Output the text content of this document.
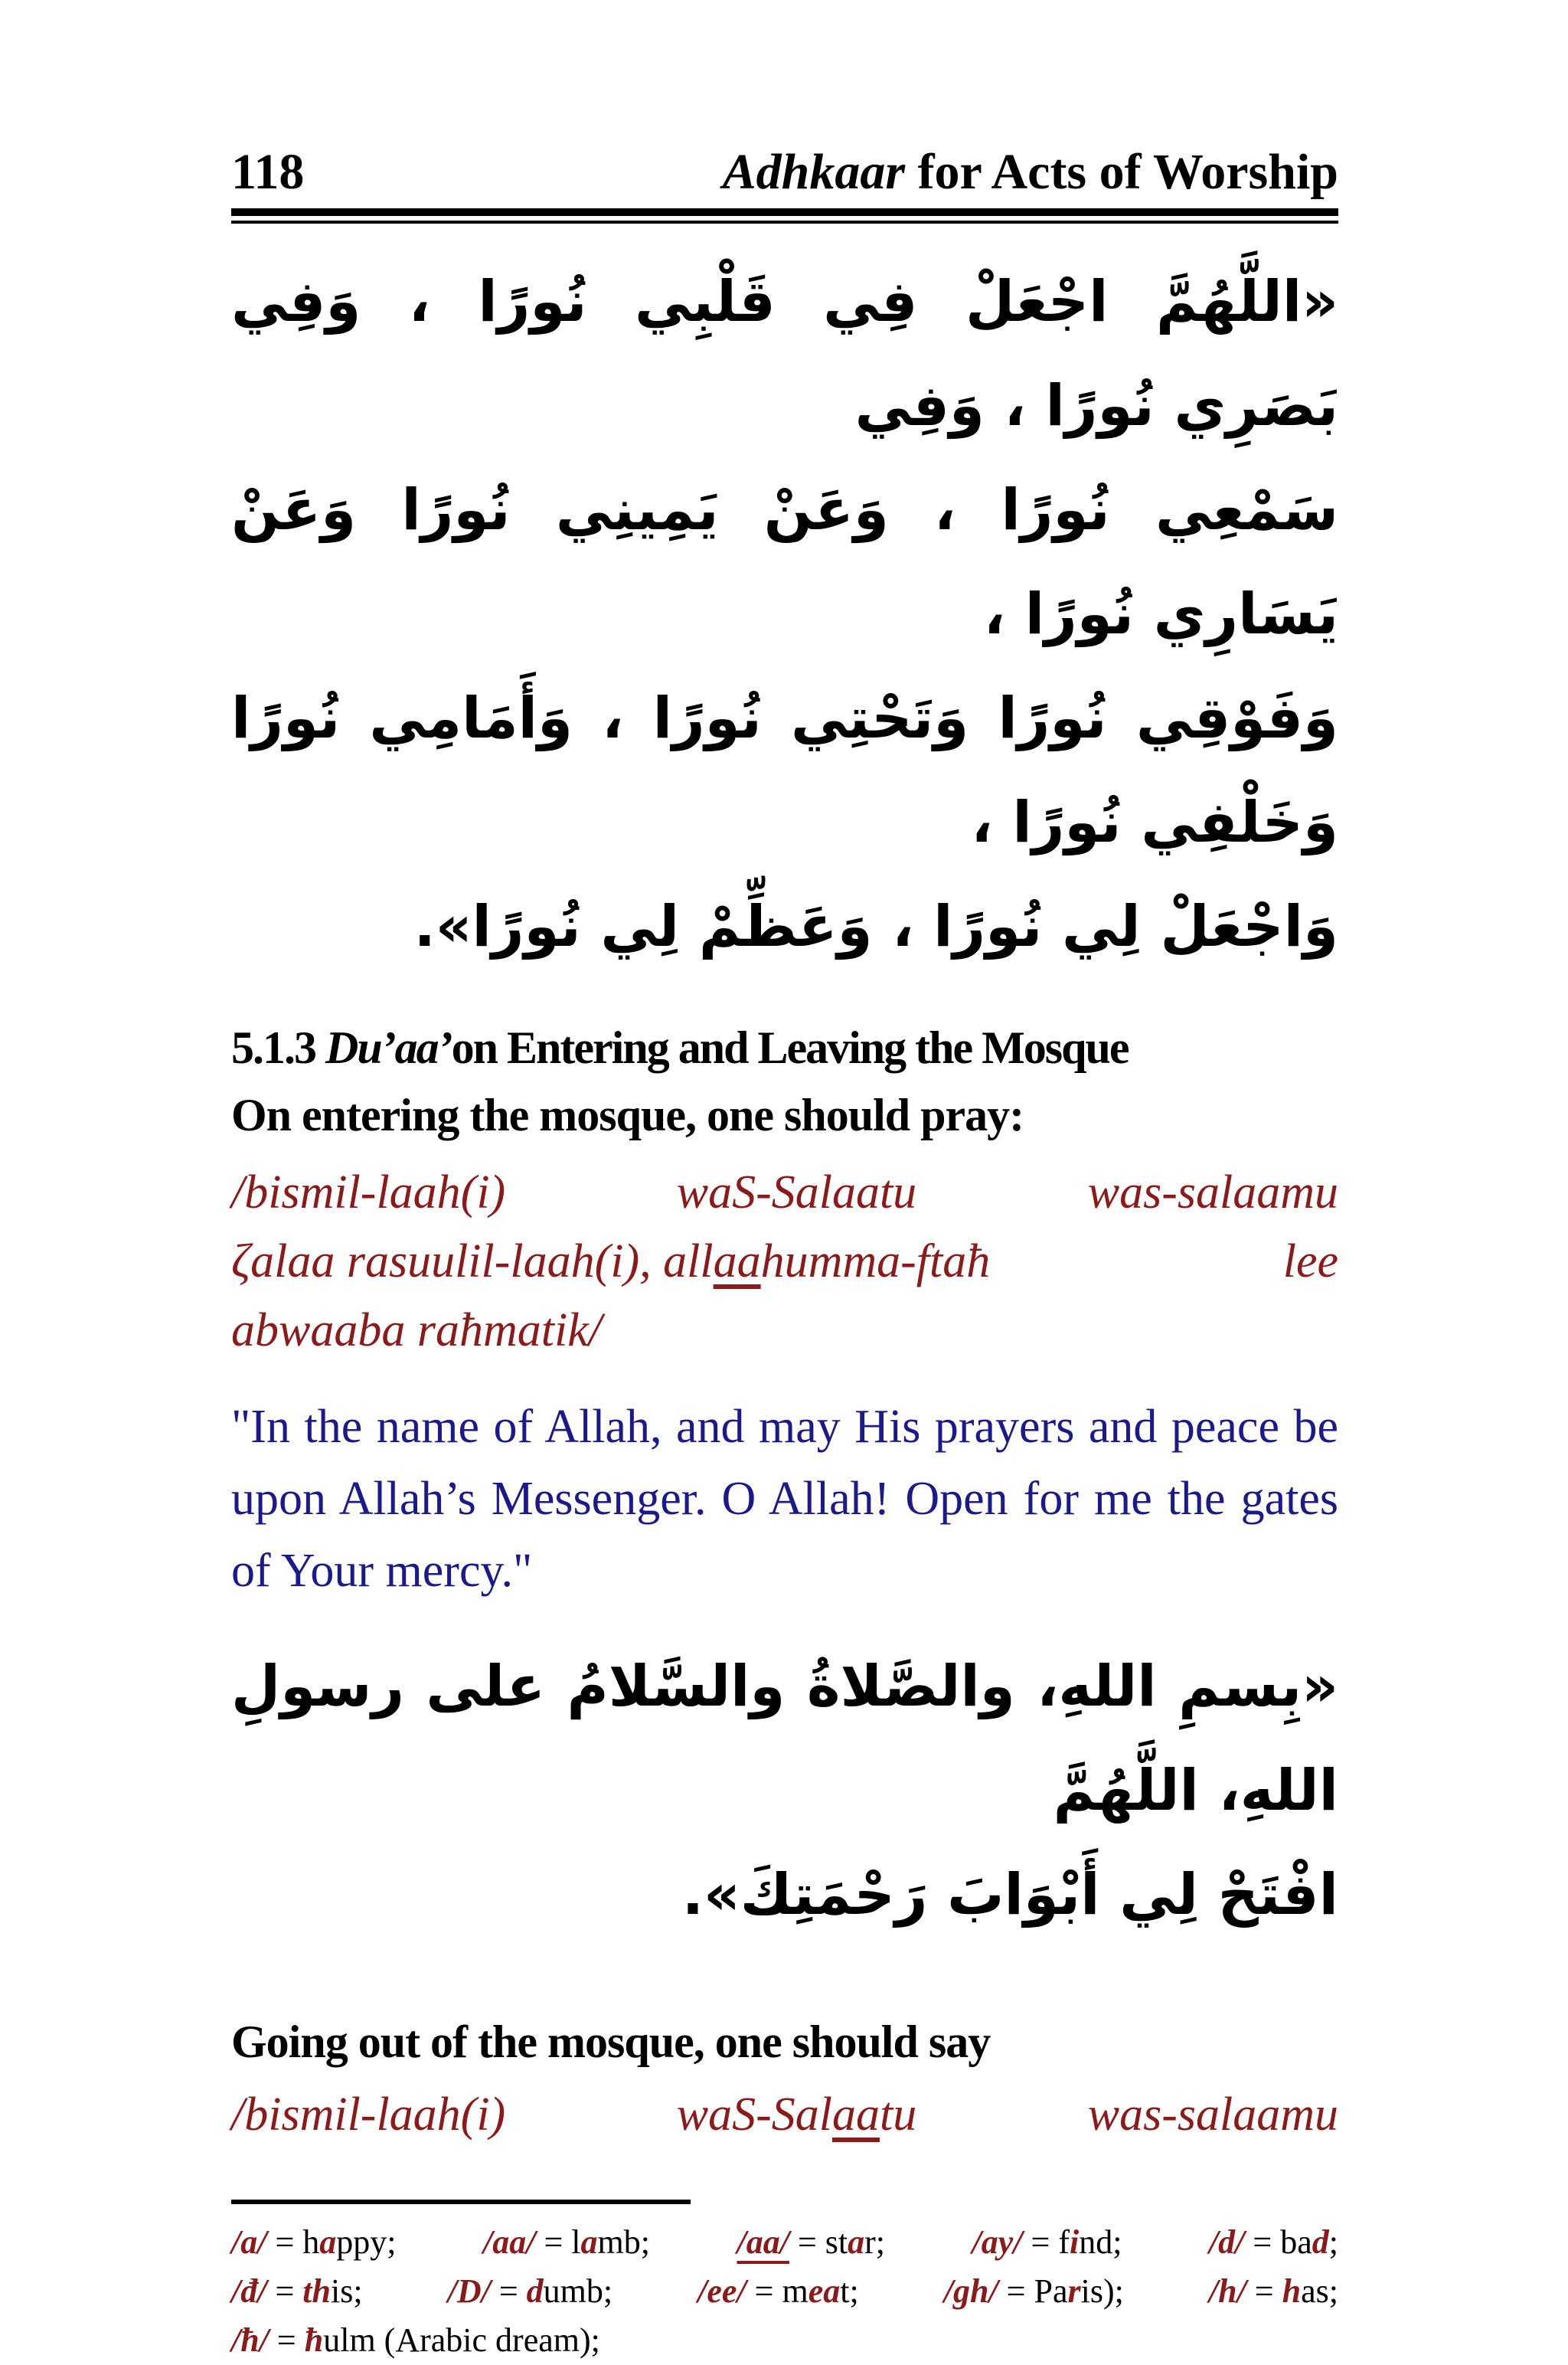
118	Adhkaar for Acts of Worship
«اللَّهُمَّ اجْعَلْ فِي قَلْبِي نُورًا ، وَفِي بَصَرِي نُورًا ، وَفِي
سَمْعِي نُورًا ، وَعَنْ يَمِينِي نُورًا وَعَنْ يَسَارِي نُورًا ،
وَفَوْقِي نُورًا وَتَحْتِي نُورًا ، وَأَمَامِي نُورًا وَخَلْفِي نُورًا ،
وَاجْعَلْ لِي نُورًا ، وَعَظِّمْ لِي نُورًا».
5.1.3 Du’aa’on Entering and Leaving the Mosque
On entering the mosque, one should pray:
/bismil-laah(i)	waS-Salaatu	was-salaamu
ζalaa rasuulil-laah(i), allaahumma-ftaħ	lee
abwaaba raħmatik/
"In the name of Allah, and may His prayers and peace be upon Allah’s Messenger. O Allah! Open for me the gates of Your mercy."
«بِسمِ اللهِ، والصَّلاةُ والسَّلامُ على رسولِ اللهِ، اللَّهُمَّ
افْتَحْ لِي أَبْوَابَ رَحْمَتِكَ».
Going out of the mosque, one should say
/bismil-laah(i)	waS-Salaatu	was-salaamu
/a/ = happy;	/aa/ = lamb;	/aa/ = star;	/ay/ = find;	/d/ = bad;
/đ/ = this;	/D/ = dumb;	/ee/ = meat;	/gh/ = Paris);	/h/ = has;
/ħ/ = ħulm (Arabic dream);
